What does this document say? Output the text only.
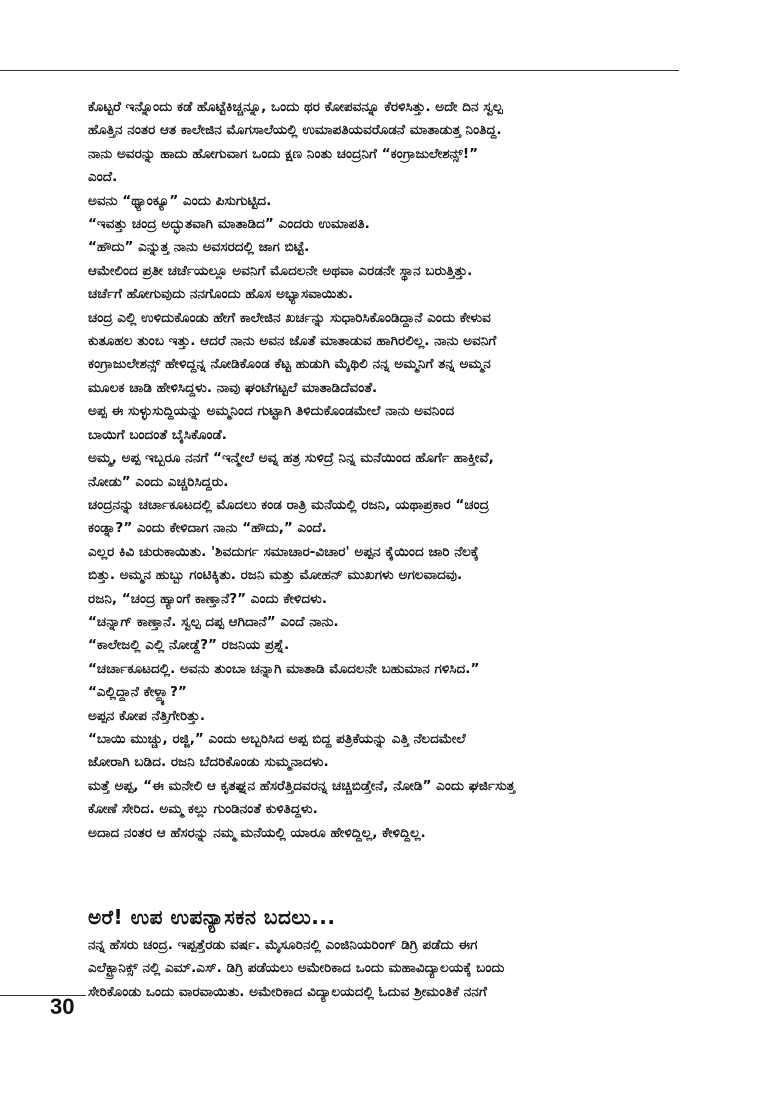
ಕೊಟ್ಟರೆ ಇನ್ನೊಂದು ಕಡೆ ಹೊಟ್ಟೆಕಿಚ್ಚನ್ನೂ, ಒಂದು ಥರ ಕೋಪವನ್ನೂ ಕೆರಳಿಸಿತ್ತು. ಅದೇ ದಿನ ಸ್ವಲ್ಪ
ಹೊತ್ತಿನ ನಂತರ ಆತ ಕಾಲೇಜಿನ ಮೊಗಸಾಲೆಯಲ್ಲಿ ಉಮಾಪತಿಯವರೊಡನೆ ಮಾತಾಡುತ್ತ ನಿಂತಿದ್ದ.
ನಾನು ಅವರನ್ನು ಹಾದು ಹೋಗುವಾಗ ಒಂದು ಕ್ಷಣ ನಿಂತು ಚಂದ್ರನಿಗೆ “ಕಂಗ್ರಾಜುಲೇಶನ್ಸ್!”
ಎಂದೆ.
ಅವನು “ಥ್ಯಾಂಕ್ಯೂ” ಎಂದು ಪಿಸುಗುಟ್ಟಿದ.
“ಇವತ್ತು ಚಂದ್ರ ಅದ್ಭುತವಾಗಿ ಮಾತಾಡಿದ” ಎಂದರು ಉಮಾಪತಿ.
“ಹೌದು” ಎನ್ನುತ್ತ ನಾನು ಅವಸರದಲ್ಲಿ ಜಾಗ ಬಿಟ್ಟೆ.
ಆಮೇಲಿಂದ ಪ್ರತೀ ಚರ್ಚೆಯಲ್ಲೂ ಅವನಿಗೆ ಮೊದಲನೇ ಅಥವಾ ಎರಡನೇ ಸ್ಥಾನ ಬರುತ್ತಿತ್ತು.
ಚರ್ಚೆಗೆ ಹೋಗುವುದು ನನಗೊಂದು ಹೊಸ ಅಭ್ಯಾಸವಾಯಿತು.
ಚಂದ್ರ ಎಲ್ಲಿ ಉಳಿದುಕೊಂಡು ಹೇಗೆ ಕಾಲೇಜಿನ ಖರ್ಚನ್ನು ಸುಧಾರಿಸಿಕೊಂಡಿದ್ದಾನೆ ಎಂದು ಕೇಳುವ
ಕುತೂಹಲ ತುಂಬ ಇತ್ತು. ಆದರೆ ನಾನು ಅವನ ಜೊತೆ ಮಾತಾಡುವ ಹಾಗಿರಲಿಲ್ಲ. ನಾನು ಅವನಿಗೆ
ಕಂಗ್ರಾಜುಲೇಶನ್ಸ್ ಹೇಳಿದ್ದನ್ನ ನೋಡಿಕೊಂಡ ಕೆಟ್ಟ ಹುಡುಗಿ ಮೈಥಿಲಿ ನನ್ನ ಅಮ್ಮನಿಗೆ ತನ್ನ ಅಮ್ಮನ
ಮೂಲಕ ಚಾಡಿ ಹೇಳಿಸಿದ್ದಳು. ನಾವು ಘಂಟೆಗಟ್ಟಲೆ ಮಾತಾಡಿದೆವಂತೆ.
ಅಪ್ಪ ಈ ಸುಳ್ಳುಸುದ್ದಿಯನ್ನು ಅಮ್ಮನಿಂದ ಗುಟ್ಟಾಗಿ ತಿಳಿದುಕೊಂಡಮೇಲೆ ನಾನು ಅವನಿಂದ
ಬಾಯಿಗೆ ಬಂದಂತೆ ಬೈಸಿಕೊಂಡೆ.
ಅಮ್ಮ, ಅಪ್ಪ ಇಬ್ಬರೂ ನನಗೆ “ಇನ್ಮೇಲೆ ಅವ್ನ ಹತ್ರ ಸುಳಿದ್ರೆ ನಿನ್ನ ಮನೆಯಿಂದ ಹೊರ್ಗೆ ಹಾಕ್ತೀವೆ,
ನೋಡು” ಎಂದು ಎಚ್ಚರಿಸಿದ್ದರು.
ಚಂದ್ರನನ್ನು ಚರ್ಚಾಕೂಟದಲ್ಲಿ ಮೊದಲು ಕಂಡ ರಾತ್ರಿ ಮನೆಯಲ್ಲಿ ರಜನಿ, ಯಥಾಪ್ರಕಾರ “ಚಂದ್ರ
ಕಂಡ್ನಾ?” ಎಂದು ಕೇಳಿದಾಗ ನಾನು “ಹೌದು,” ಎಂದೆ.
ಎಲ್ಲರ ಕಿವಿ ಚುರುಕಾಯಿತು. 'ಶಿವದುರ್ಗ ಸಮಾಚಾರ-ವಿಚಾರ' ಅಪ್ಪನ ಕೈಯಿಂದ ಜಾರಿ ನೆಲಕ್ಕೆ
ಬಿತ್ತು. ಅಮ್ಮನ ಹುಬ್ಬು ಗಂಟಿಕ್ಕಿತು. ರಜನಿ ಮತ್ತು ಮೋಹನ್ ಮುಖಗಳು ಅಗಲವಾದವು.
ರಜನಿ, “ಚಂದ್ರ ಹ್ಯಾಂಗೆ ಕಾಣ್ತಾನೆ?” ಎಂದು ಕೇಳಿದಳು.
“ಚನ್ನಾಗ್ ಕಾಣ್ತಾನೆ. ಸ್ವಲ್ಪ ದಪ್ಪ ಆಗಿದಾನೆ” ಎಂದೆ ನಾನು.
“ಕಾಲೇಜಲ್ಲಿ ಎಲ್ಲಿ ನೋಡ್ದೆ?” ರಜನಿಯ ಪ್ರಶ್ನೆ.
“ಚರ್ಚಾಕೂಟದಲ್ಲಿ. ಅವನು ತುಂಬಾ ಚನ್ನಾಗಿ ಮಾತಾಡಿ ಮೊದಲನೇ ಬಹುಮಾನ ಗಳಿಸಿದ.”
“ಎಲ್ಲಿದ್ದಾನೆ ಕೇಳ್ದ್ಯಾ?”
ಅಪ್ಪನ ಕೋಪ ನೆತ್ತಿಗೇರಿತ್ತು.
“ಬಾಯಿ ಮುಚ್ಚು, ರಜ್ಜಿ,” ಎಂದು ಅಬ್ಬರಿಸಿದ ಅಪ್ಪ ಬಿದ್ದ ಪತ್ರಿಕೆಯನ್ನು ಎತ್ತಿ ನೆಲದಮೇಲೆ
ಜೋರಾಗಿ ಬಡಿದ. ರಜನಿ ಬೆದರಿಕೊಂಡು ಸುಮ್ಮನಾದಳು.
ಮತ್ತೆ ಅಪ್ಪ, “ಈ ಮನೇಲಿ ಆ ಕೃತಘ್ನನ ಹೆಸರೆತ್ತಿದವರನ್ನ ಚಚ್ಚಿಬಿಡ್ತೇನೆ, ನೋಡಿ” ಎಂದು ಘರ್ಜಿಸುತ್ತ
ಕೋಣೆ ಸೇರಿದ. ಅಮ್ಮ ಕಲ್ಲು ಗುಂಡಿನಂತೆ ಕುಳಿತಿದ್ದಳು.
ಅದಾದ ನಂತರ ಆ ಹೆಸರನ್ನು ನಮ್ಮ ಮನೆಯಲ್ಲಿ ಯಾರೂ ಹೇಳಿದ್ದಿಲ್ಲ, ಕೇಳಿದ್ದಿಲ್ಲ.
ಅರೆ! ಉಪ ಉಪನ್ಯಾಸಕನ ಬದಲು...
ನನ್ನ ಹೆಸರು ಚಂದ್ರ. ಇಪ್ಪತ್ತೆರಡು ವರ್ಷ. ಮೈಸೂರಿನಲ್ಲಿ ಎಂಜಿನಿಯರಿಂಗ್ ಡಿಗ್ರಿ ಪಡೆದು ಈಗ
ಎಲೆಕ್ಟ್ರಾನಿಕ್ಸ್ ನಲ್ಲಿ ಎಮ್.ಎಸ್. ಡಿಗ್ರಿ ಪಡೆಯಲು ಅಮೇರಿಕಾದ ಒಂದು ಮಹಾವಿದ್ಯಾಲಯಕ್ಕೆ ಬಂದು
ಸೇರಿಕೊಂಡು ಒಂದು ವಾರವಾಯಿತು. ಅಮೇರಿಕಾದ ವಿದ್ಯಾಲಯದಲ್ಲಿ ಓದುವ ಶ್ರೀಮಂತಿಕೆ ನನಗೆ
30
